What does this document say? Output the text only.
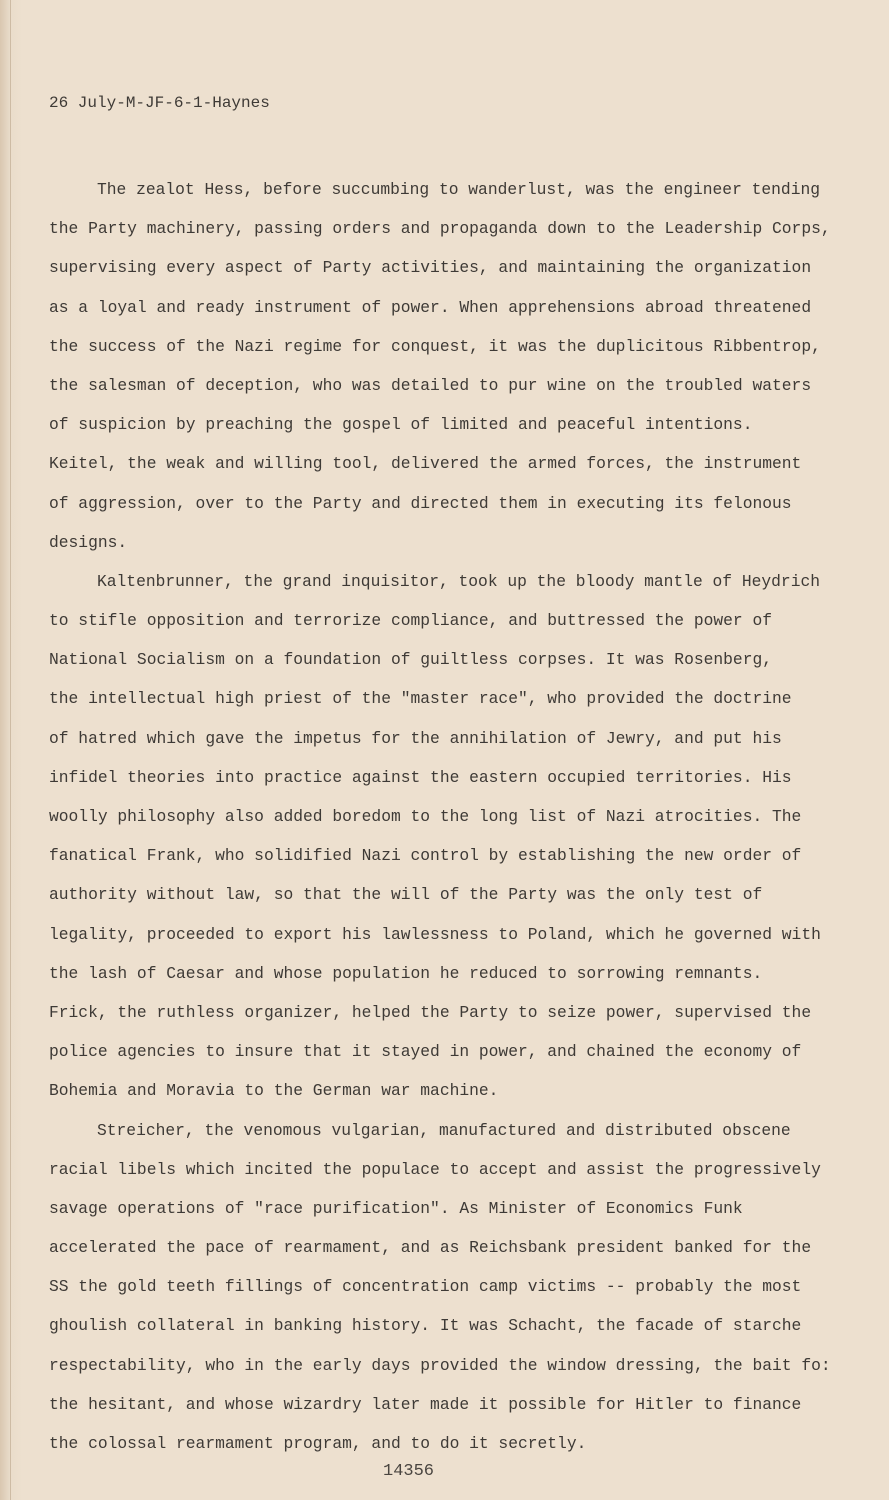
26 July-M-JF-6-1-Haynes
The zealot Hess, before succumbing to wanderlust, was the engineer tending
the Party machinery, passing orders and propaganda down to the Leadership Corps,
supervising every aspect of Party activities, and maintaining the organization
as a loyal and ready instrument of power. When apprehensions abroad threatened
the success of the Nazi regime for conquest, it was the duplicitous Ribbentrop,
the salesman of deception, who was detailed to pur wine on the troubled waters
of suspicion by preaching the gospel of limited and peaceful intentions.
Keitel, the weak and willing tool, delivered the armed forces, the instrument
of aggression, over to the Party and directed them in executing its felonous
designs.
Kaltenbrunner, the grand inquisitor, took up the bloody mantle of Heydrich
to stifle opposition and terrorize compliance, and buttressed the power of
National Socialism on a foundation of guiltless corpses. It was Rosenberg,
the intellectual high priest of the "master race", who provided the doctrine
of hatred which gave the impetus for the annihilation of Jewry, and put his
infidel theories into practice against the eastern occupied territories. His
woolly philosophy also added boredom to the long list of Nazi atrocities. The
fanatical Frank, who solidified Nazi control by establishing the new order of
authority without law, so that the will of the Party was the only test of
legality, proceeded to export his lawlessness to Poland, which he governed with
the lash of Caesar and whose population he reduced to sorrowing remnants.
Frick, the ruthless organizer, helped the Party to seize power, supervised the
police agencies to insure that it stayed in power, and chained the economy of
Bohemia and Moravia to the German war machine.
Streicher, the venomous vulgarian, manufactured and distributed obscene
racial libels which incited the populace to accept and assist the progressively
savage operations of "race purification". As Minister of Economics Funk
accelerated the pace of rearmament, and as Reichsbank president banked for the
SS the gold teeth fillings of concentration camp victims -- probably the most
ghoulish collateral in banking history. It was Schacht, the facade of starche
respectability, who in the early days provided the window dressing, the bait fo:
the hesitant, and whose wizardry later made it possible for Hitler to finance
the colossal rearmament program, and to do it secretly.
14356
